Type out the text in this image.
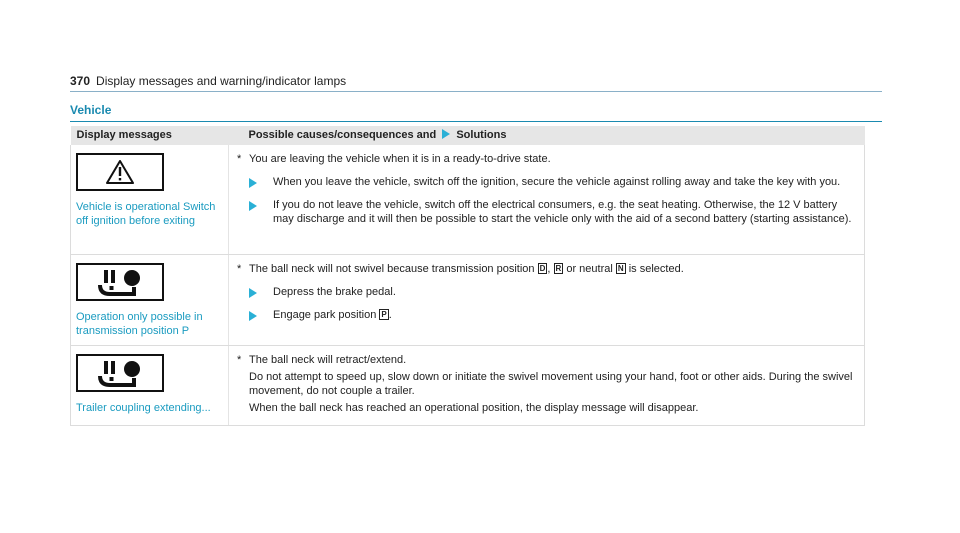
370 Display messages and warning/indicator lamps
Vehicle
Display messages	Possible causes/consequences and Solutions

Vehicle is operational Switch off ignition before exiting	* You are leaving the vehicle when it is in a ready-to-drive state.
When you leave the vehicle, switch off the ignition, secure the vehicle against rolling away and take the key with you.
If you do not leave the vehicle, switch off the electrical consumers, e.g. the seat heating. Otherwise, the 12 V battery may discharge and it will then be possible to start the vehicle only with the aid of a second battery (starting assistance).

Operation only possible in transmission position P	* The ball neck will not swivel because transmission position D , R or neutral N is selected.
Depress the brake pedal.
Engage park position P .

Trailer coupling extending...	* The ball neck will retract/extend.
Do not attempt to speed up, slow down or initiate the swivel movement using your hand, foot or other aids. During the swivel movement, do not couple a trailer.
When the ball neck has reached an operational position, the display message will disappear.
